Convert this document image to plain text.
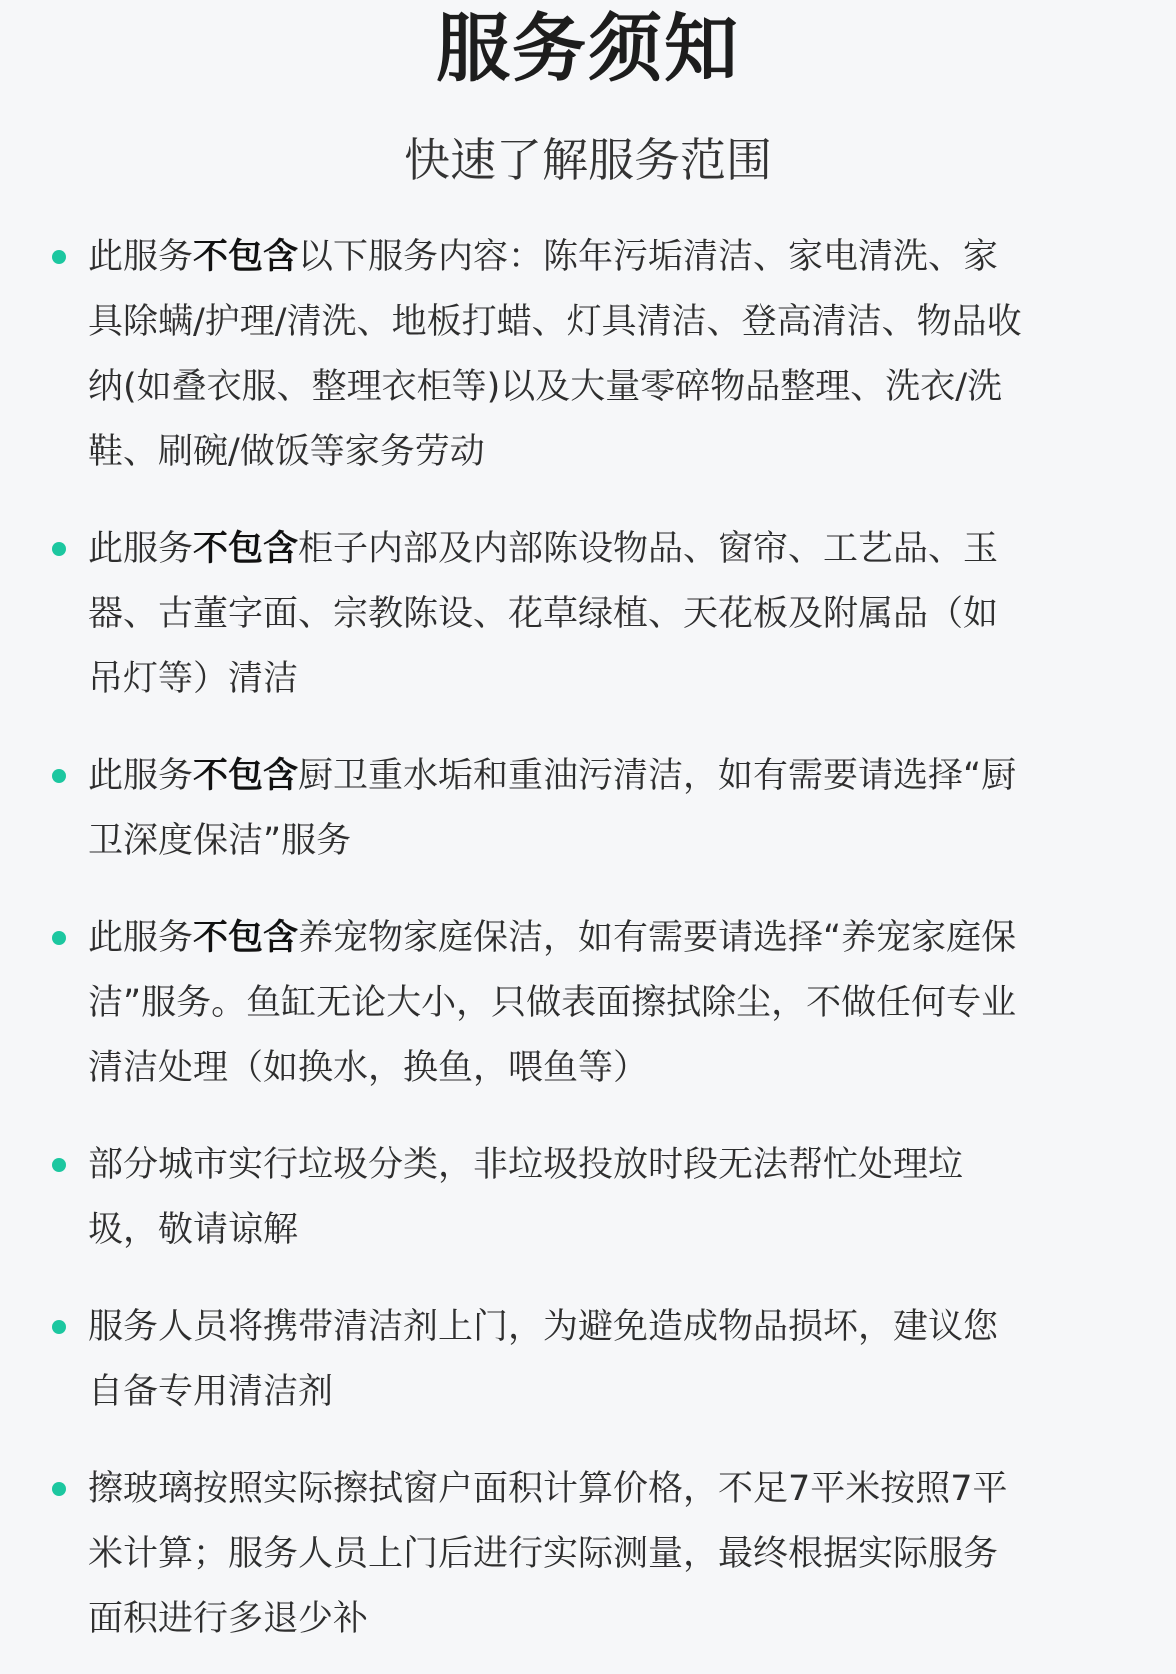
服务须知
快速了解服务范围
此服务不包含以下服务内容：陈年污垢清洁、家电清洗、家具除螨/护理/清洗、地板打蜡、灯具清洁、登高清洁、物品收纳(如叠衣服、整理衣柜等)以及大量零碎物品整理、洗衣/洗鞋、刷碗/做饭等家务劳动
此服务不包含柜子内部及内部陈设物品、窗帘、工艺品、玉器、古董字面、宗教陈设、花草绿植、天花板及附属品（如吊灯等）清洁
此服务不包含厨卫重水垢和重油污清洁，如有需要请选择“厨卫深度保洁”服务
此服务不包含养宠物家庭保洁，如有需要请选择“养宠家庭保洁”服务。鱼缸无论大小，只做表面擦拭除尘，不做任何专业清洁处理（如换水，换鱼，喂鱼等）
部分城市实行垃圾分类，非垃圾投放时段无法帮忙处理垃圾，敬请谅解
服务人员将携带清洁剂上门，为避免造成物品损坏，建议您自备专用清洁剂
擦玻璃按照实际擦拭窗户面积计算价格，不足7平米按照7平米计算；服务人员上门后进行实际测量，最终根据实际服务面积进行多退少补
